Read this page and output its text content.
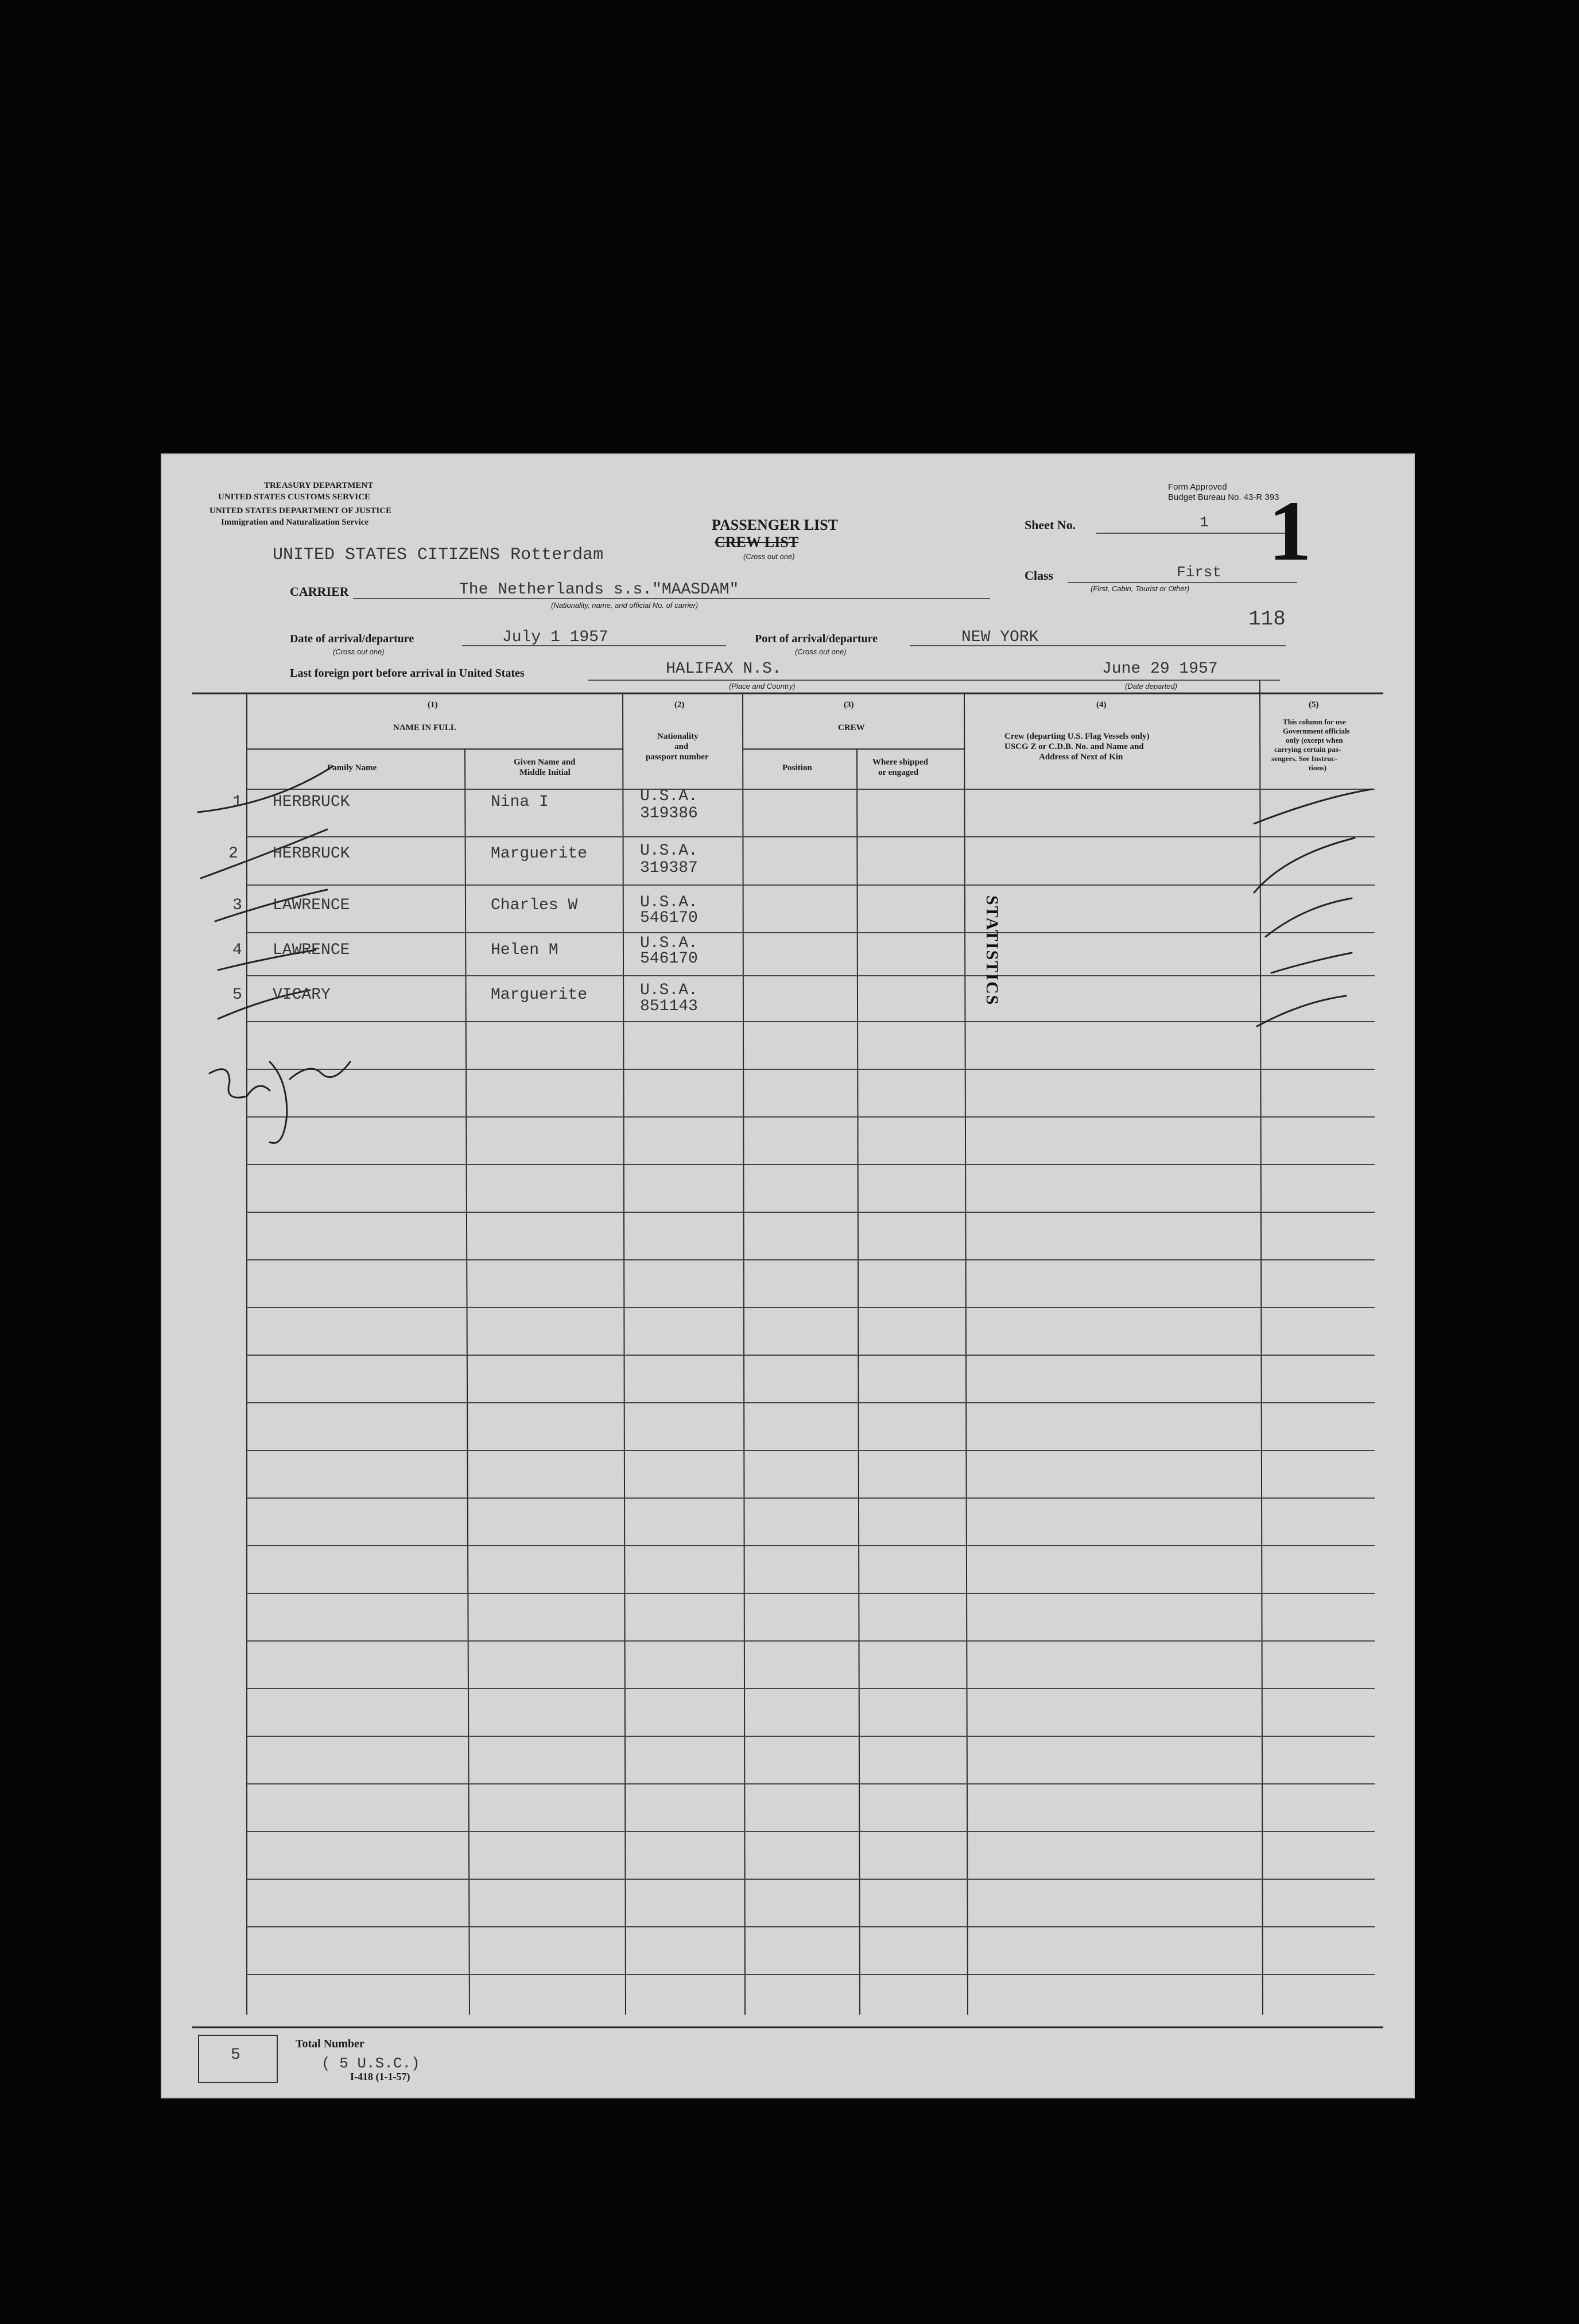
TREASURY DEPARTMENT
UNITED STATES CUSTOMS SERVICE
UNITED STATES DEPARTMENT OF JUSTICE
Immigration and Naturalization Service	PASSENGER LIST
CREW LIST
(Cross out one)
Form Approved
Budget Bureau No. 43-R 393
Sheet No.	1 1
UNITED STATES CITIZENS Rotterdam
Class	First
(First, Cabin, Tourist or Other)
CARRIER	The Netherlands s.s."MAASDAM"
(Nationality, name, and official No. of carrier)
118
Date of arrival/departure	July 1 1957
(Cross out one)
Port of arrival/departure	NEW YORK
(Cross out one)
Last foreign port before arrival in United States	HALIFAX N.S.
(Place and Country)
June 29 1957
(Date departed)
(1)
NAME IN FULL
Family Name
Given Name and
Middle Initial
(2)
Nationality
and
passport number
(3)
CREW
Position
Where shipped
or engaged
(4)
Crew (departing U.S. Flag Vessels only)
USCG Z or C.D.B. No. and Name and
Address of Next of Kin
(5)
This column for use
Government officials
only (except when
carrying certain pas-
sengers. See Instruc-
tions)
1 HERBRUCK	Nina I	U.S.A.
319386
2 HERBRUCK	Marguerite	U.S.A.
319387
3 LAWRENCE	Charles W	U.S.A.
546170
4 LAWRENCE	Helen M	U.S.A.
546170
5 VICARY	Marguerite	U.S.A.
851143
STATISTICS
5
Total Number
( 5 U.S.C.)
I-418 (1-1-57)
